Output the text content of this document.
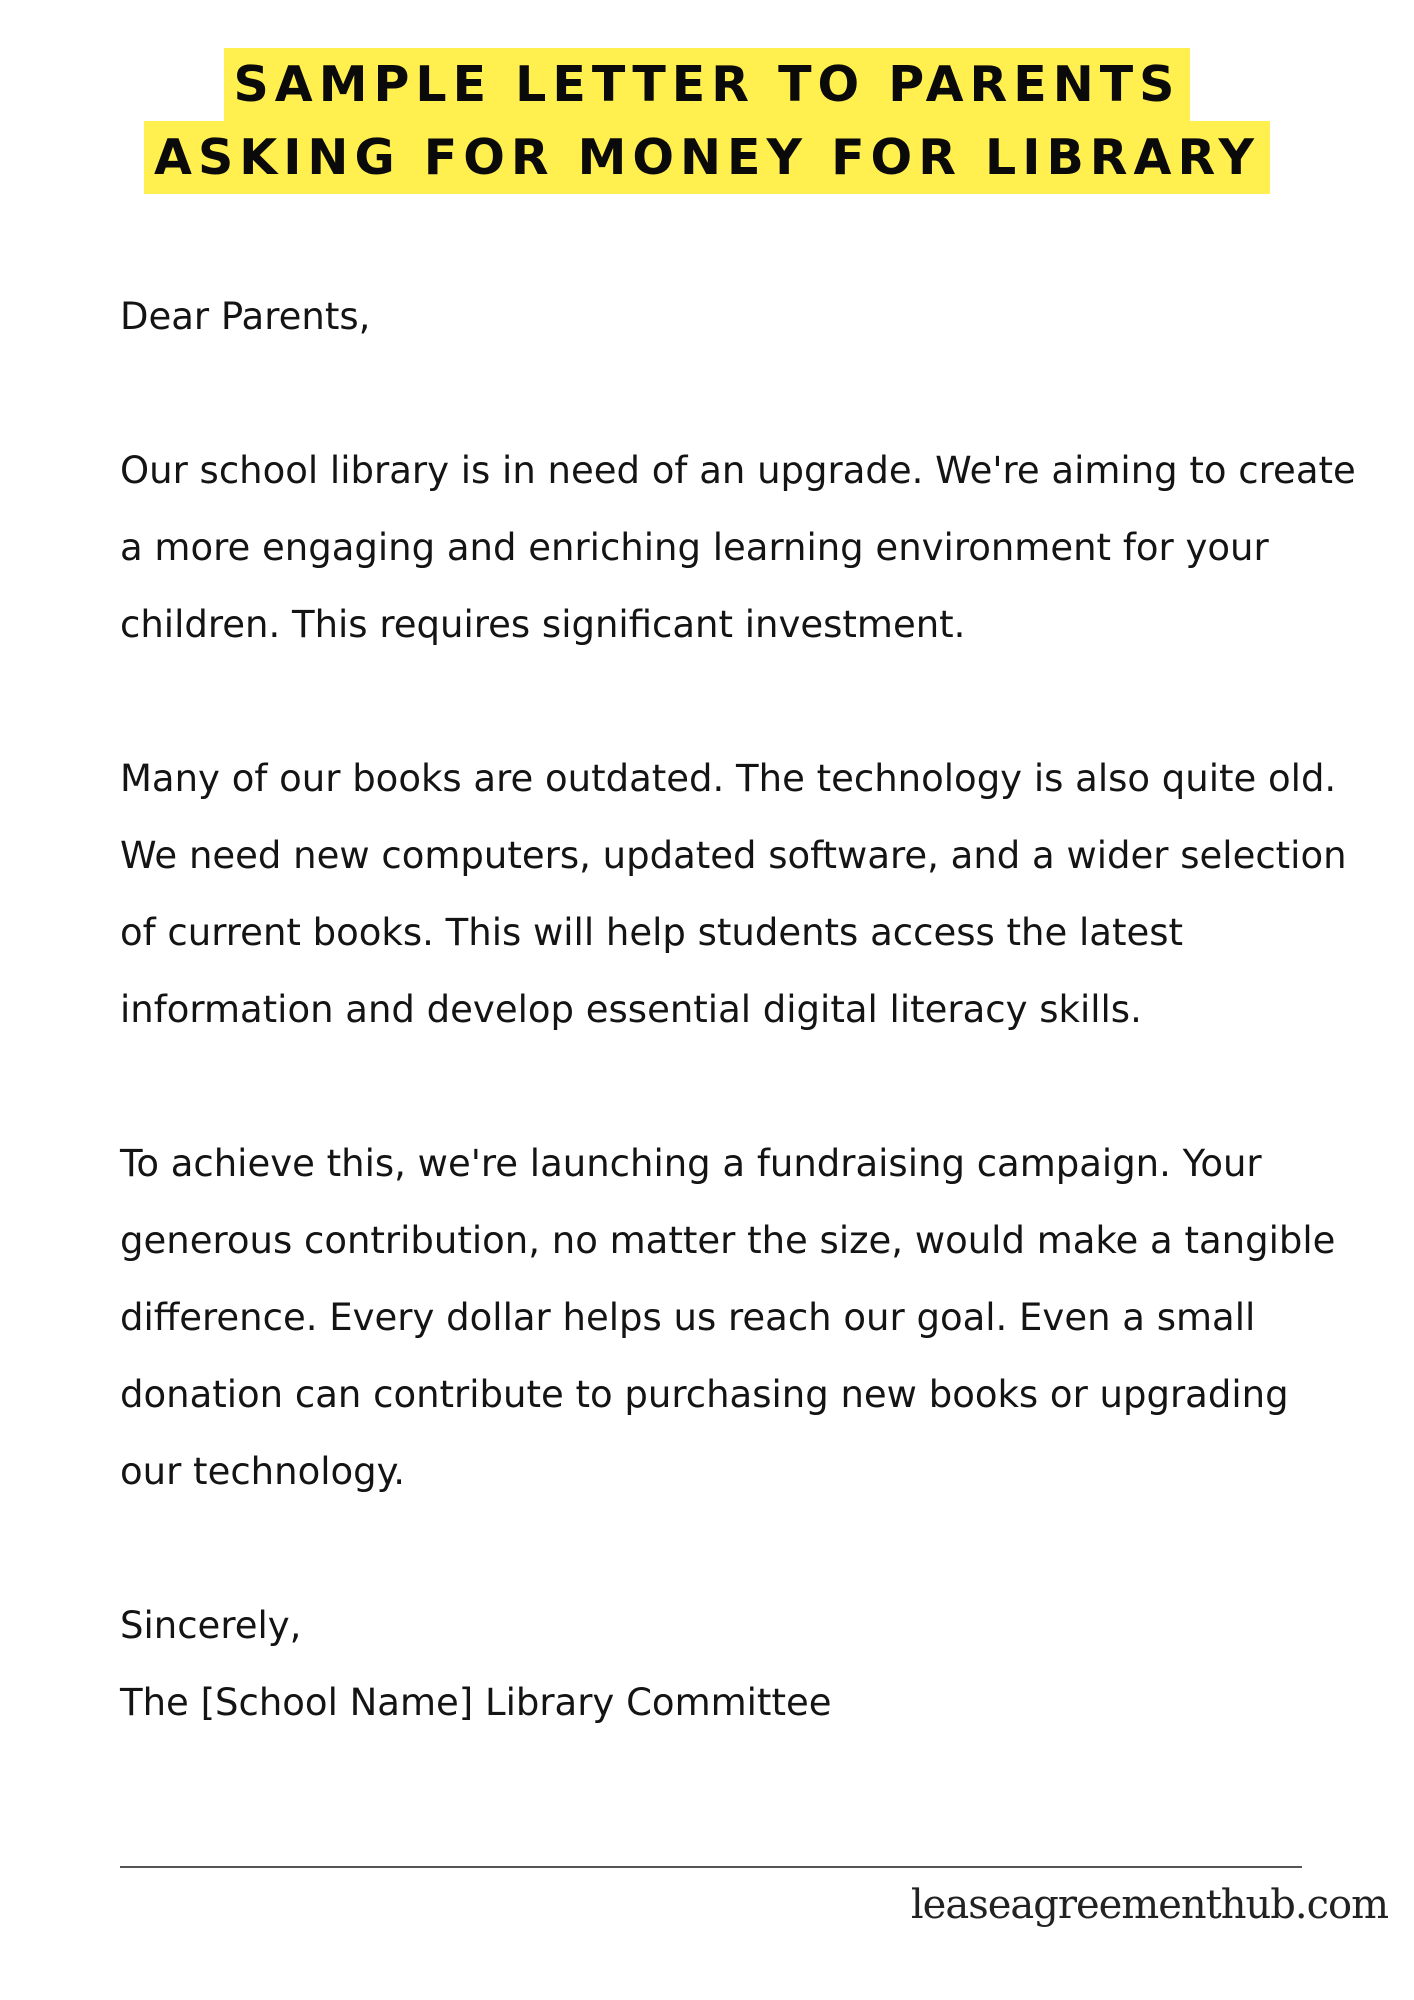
SAMPLE LETTER TO PARENTS
ASKING FOR MONEY FOR LIBRARY

Dear Parents,

Our school library is in need of an upgrade. We're aiming to create a more engaging and enriching learning environment for your children. This requires significant investment.

Many of our books are outdated. The technology is also quite old. We need new computers, updated software, and a wider selection of current books. This will help students access the latest information and develop essential digital literacy skills.

To achieve this, we're launching a fundraising campaign. Your generous contribution, no matter the size, would make a tangible difference. Every dollar helps us reach our goal. Even a small donation can contribute to purchasing new books or upgrading our technology.

Sincerely,
The [School Name] Library Committee
leaseagreementhub.com
